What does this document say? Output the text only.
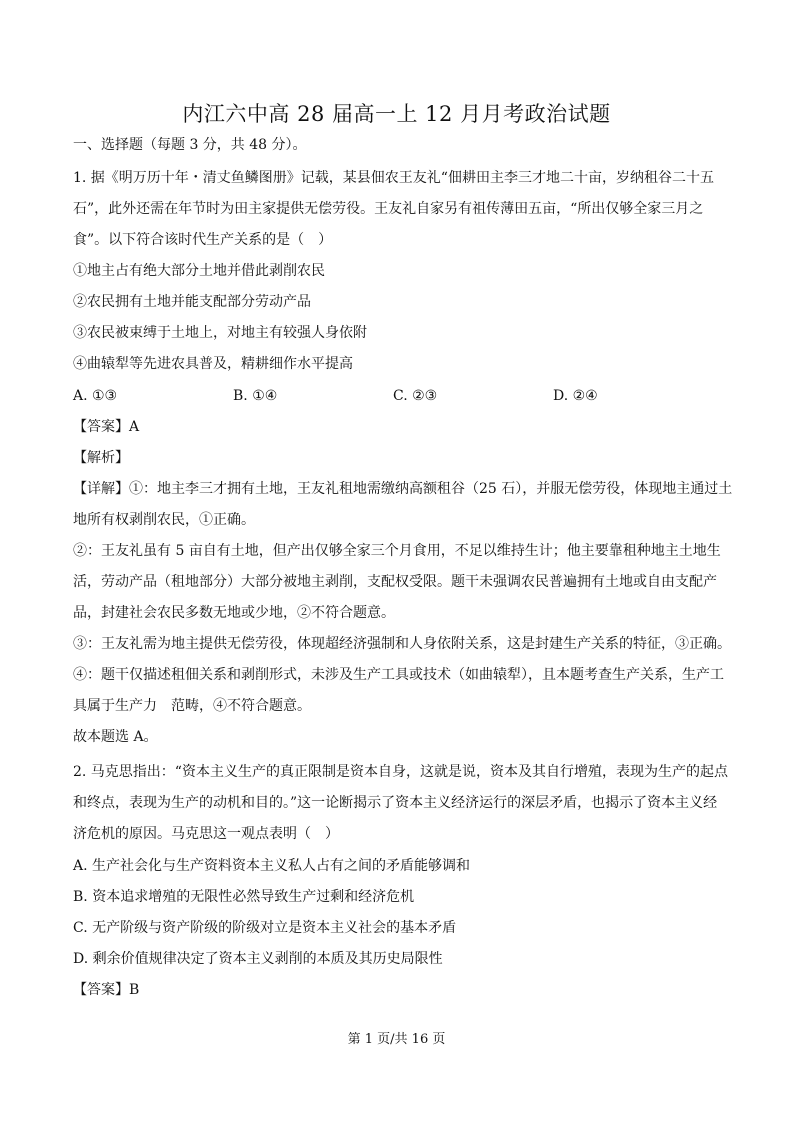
内江六中高 28 届高一上 12 月月考政治试题
一、选择题（每题 3 分，共 48 分）。
1. 据《明万历十年・清丈鱼鳞图册》记载，某县佃农王友礼“佃耕田主李三才地二十亩，岁纳租谷二十五
石”，此外还需在年节时为田主家提供无偿劳役。王友礼自家另有祖传薄田五亩，“所出仅够全家三月之
食”。以下符合该时代生产关系的是（　）
①地主占有绝大部分土地并借此剥削农民
②农民拥有土地并能支配部分劳动产品
③农民被束缚于土地上，对地主有较强人身依附
④曲辕犁等先进农具普及，精耕细作水平提高
A. ①③	B. ①④	C. ②③	D. ②④
【答案】A
【解析】
【详解】①：地主李三才拥有土地，王友礼租地需缴纳高额租谷（25 石），并服无偿劳役，体现地主通过土
地所有权剥削农民，①正确。
②：王友礼虽有 5 亩自有土地，但产出仅够全家三个月食用，不足以维持生计；他主要靠租种地主土地生
活，劳动产品（租地部分）大部分被地主剥削，支配权受限。题干未强调农民普遍拥有土地或自由支配产
品，封建社会农民多数无地或少地，②不符合题意。
③：王友礼需为地主提供无偿劳役，体现超经济强制和人身依附关系，这是封建生产关系的特征，③正确。
④：题干仅描述租佃关系和剥削形式，未涉及生产工具或技术（如曲辕犁），且本题考查生产关系，生产工
具属于生产力　范畴，④不符合题意。
故本题选 A。
2. 马克思指出：“资本主义生产的真正限制是资本自身，这就是说，资本及其自行增殖，表现为生产的起点
和终点，表现为生产的动机和目的。”这一论断揭示了资本主义经济运行的深层矛盾，也揭示了资本主义经
济危机的原因。马克思这一观点表明（　）
A. 生产社会化与生产资料资本主义私人占有之间的矛盾能够调和
B. 资本追求增殖的无限性必然导致生产过剩和经济危机
C. 无产阶级与资产阶级的阶级对立是资本主义社会的基本矛盾
D. 剩余价值规律决定了资本主义剥削的本质及其历史局限性
【答案】B
第 1 页/共 16 页
